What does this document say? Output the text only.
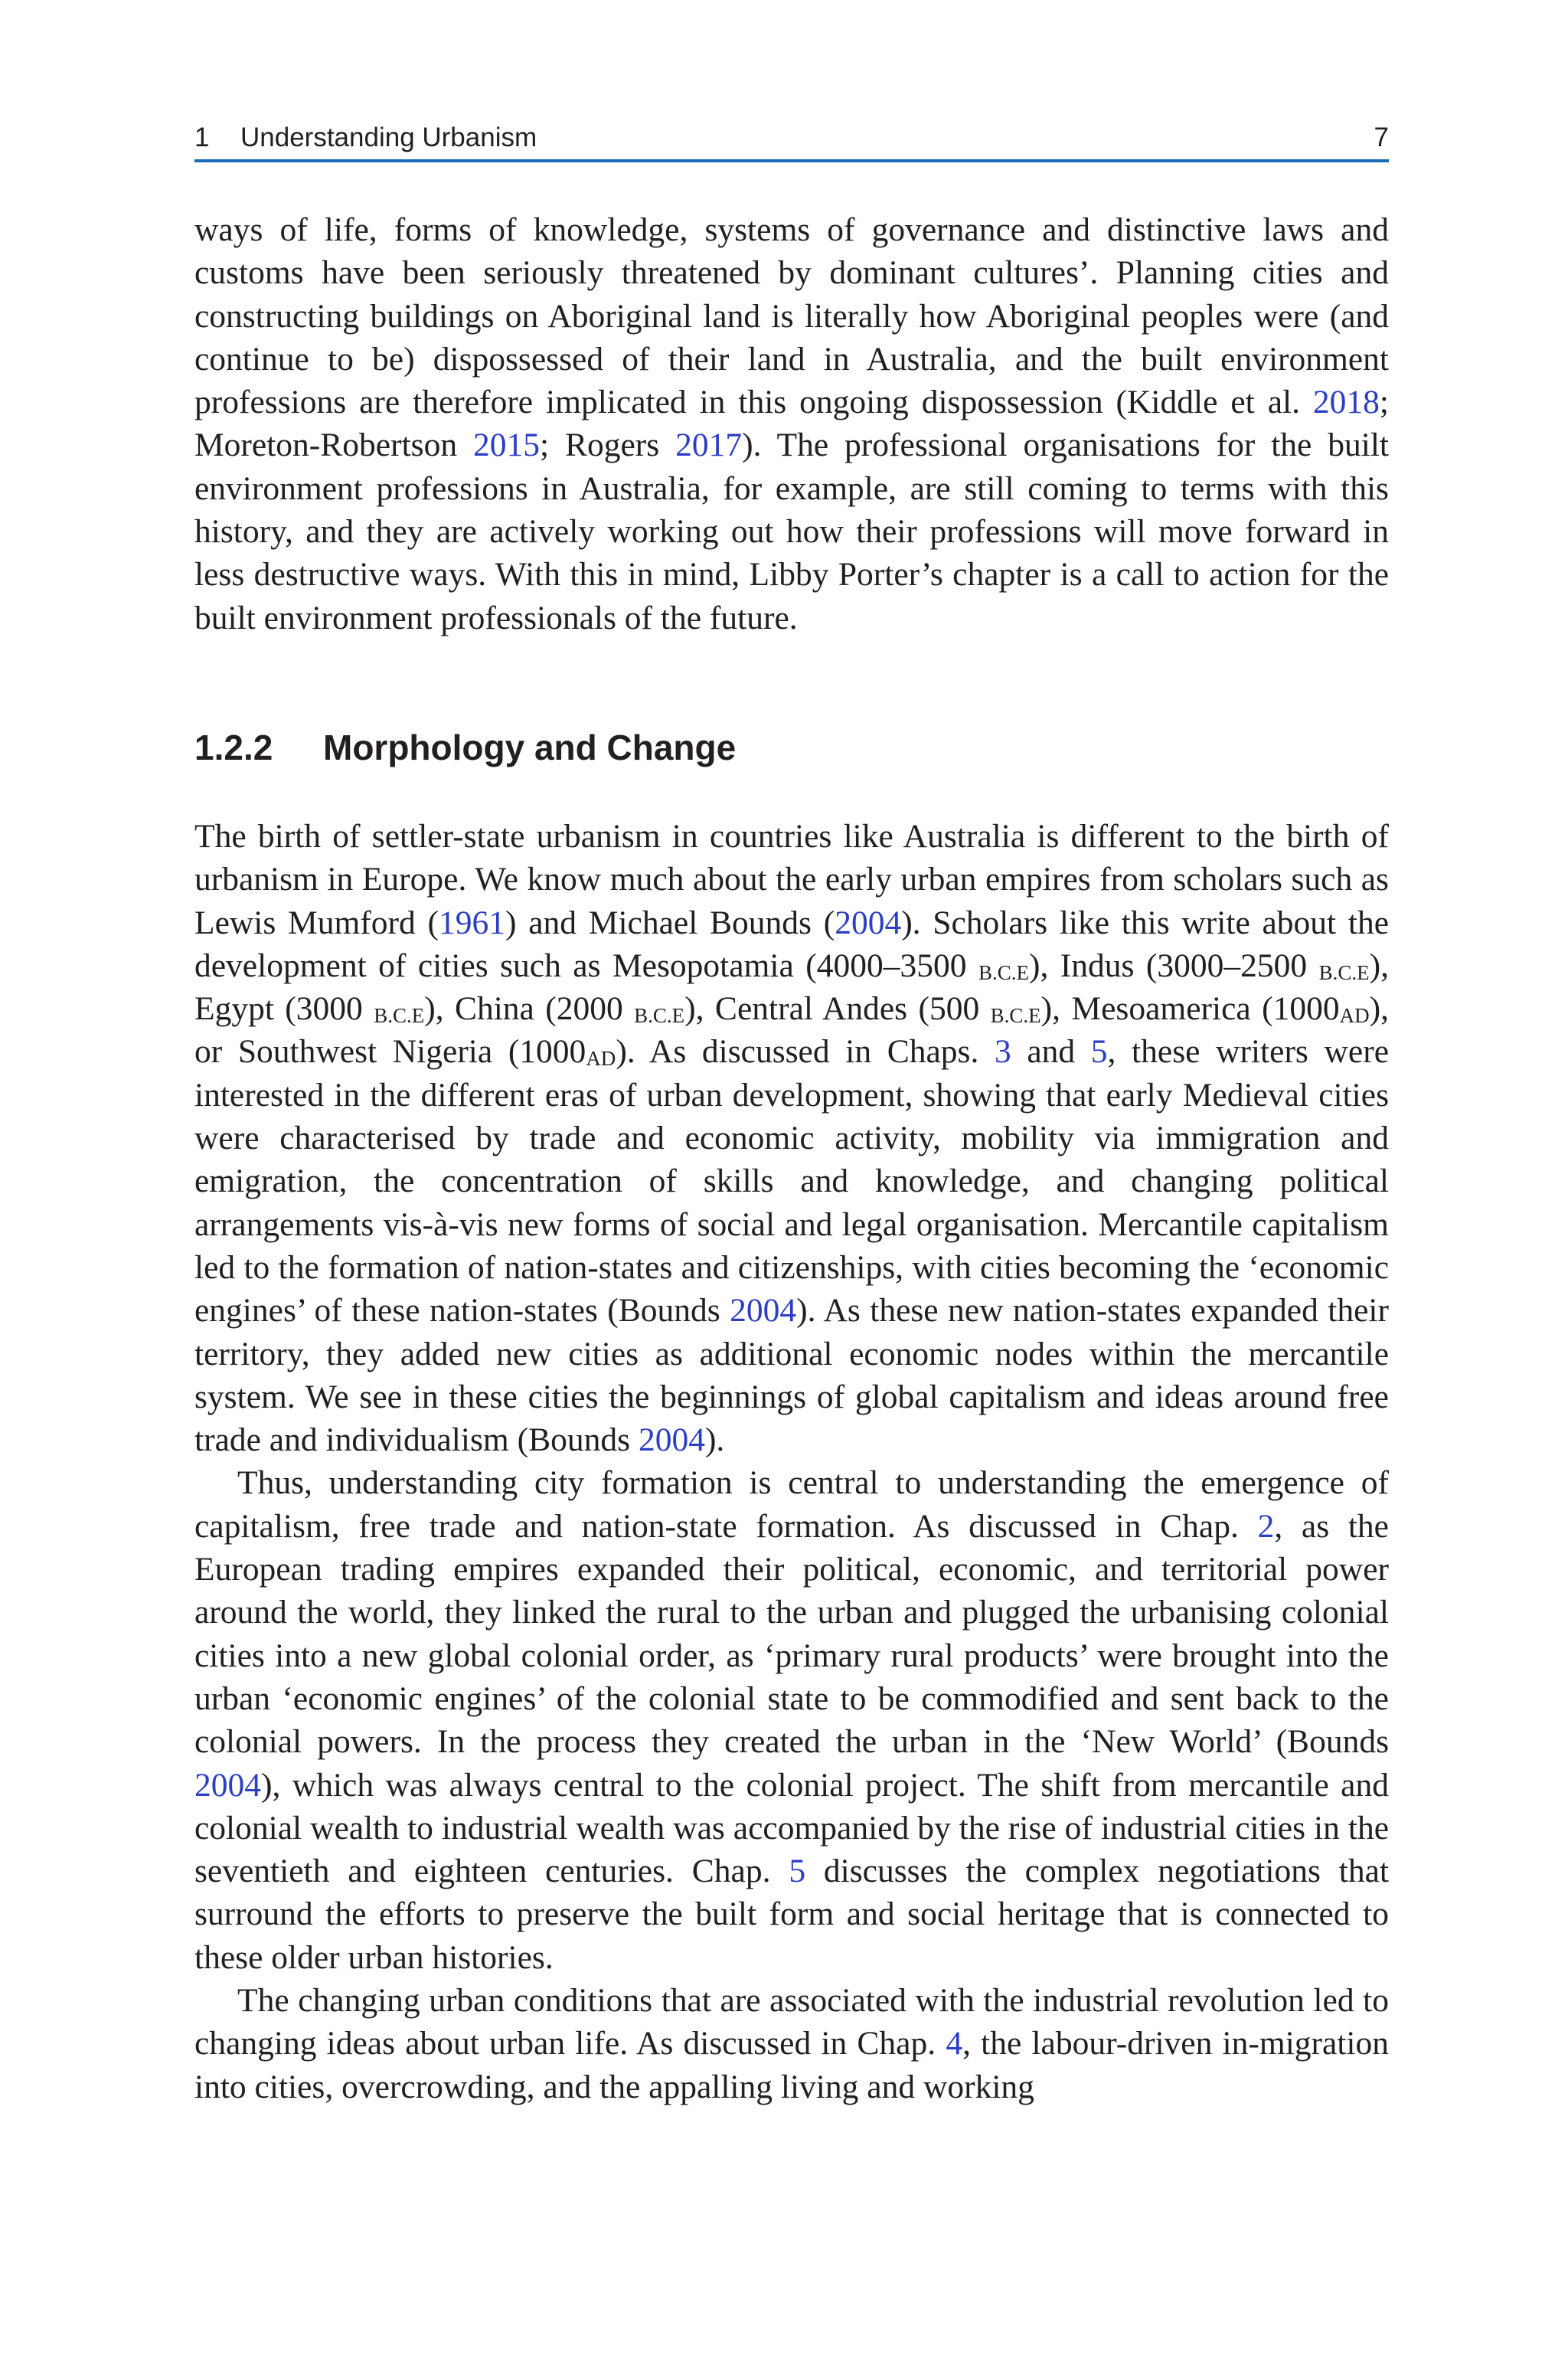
1 Understanding Urbanism	7

ways of life, forms of knowledge, systems of governance and distinctive laws and customs have been seriously threatened by dominant cultures’. Planning cities and constructing buildings on Aboriginal land is literally how Aboriginal peoples were (and continue to be) dispossessed of their land in Australia, and the built environment professions are therefore implicated in this ongoing dispossession (Kiddle et al. 2018; Moreton-Robertson 2015; Rogers 2017). The professional organisations for the built environment professions in Australia, for example, are still coming to terms with this history, and they are actively working out how their professions will move forward in less destructive ways. With this in mind, Libby Porter’s chapter is a call to action for the built environment professionals of the future.

1.2.2 Morphology and Change

The birth of settler-state urbanism in countries like Australia is different to the birth of urbanism in Europe. We know much about the early urban empires from scholars such as Lewis Mumford (1961) and Michael Bounds (2004). Scholars like this write about the development of cities such as Mesopotamia (4000–3500 B.C.E), Indus (3000–2500 B.C.E), Egypt (3000 B.C.E), China (2000 B.C.E), Central Andes (500 B.C.E), Mesoamerica (1000AD), or Southwest Nigeria (1000AD). As discussed in Chaps. 3 and 5, these writers were interested in the different eras of urban development, showing that early Medieval cities were characterised by trade and economic activity, mobility via immigration and emigration, the concentration of skills and knowledge, and changing political arrangements vis-à-vis new forms of social and legal organisation. Mercantile capitalism led to the formation of nation-states and citizenships, with cities becoming the ‘economic engines’ of these nation-states (Bounds 2004). As these new nation-states expanded their territory, they added new cities as additional economic nodes within the mercantile system. We see in these cities the beginnings of global capitalism and ideas around free trade and individualism (Bounds 2004).

Thus, understanding city formation is central to understanding the emergence of capitalism, free trade and nation-state formation. As discussed in Chap. 2, as the European trading empires expanded their political, economic, and territorial power around the world, they linked the rural to the urban and plugged the urbanising colonial cities into a new global colonial order, as ‘primary rural products’ were brought into the urban ‘economic engines’ of the colonial state to be commodified and sent back to the colonial powers. In the process they created the urban in the ‘New World’ (Bounds 2004), which was always central to the colonial project. The shift from mercantile and colonial wealth to industrial wealth was accompanied by the rise of industrial cities in the seventieth and eighteen centuries. Chap. 5 discusses the complex negotiations that surround the efforts to preserve the built form and social heritage that is connected to these older urban histories.

The changing urban conditions that are associated with the industrial revolution led to changing ideas about urban life. As discussed in Chap. 4, the labour-driven in-migration into cities, overcrowding, and the appalling living and working
